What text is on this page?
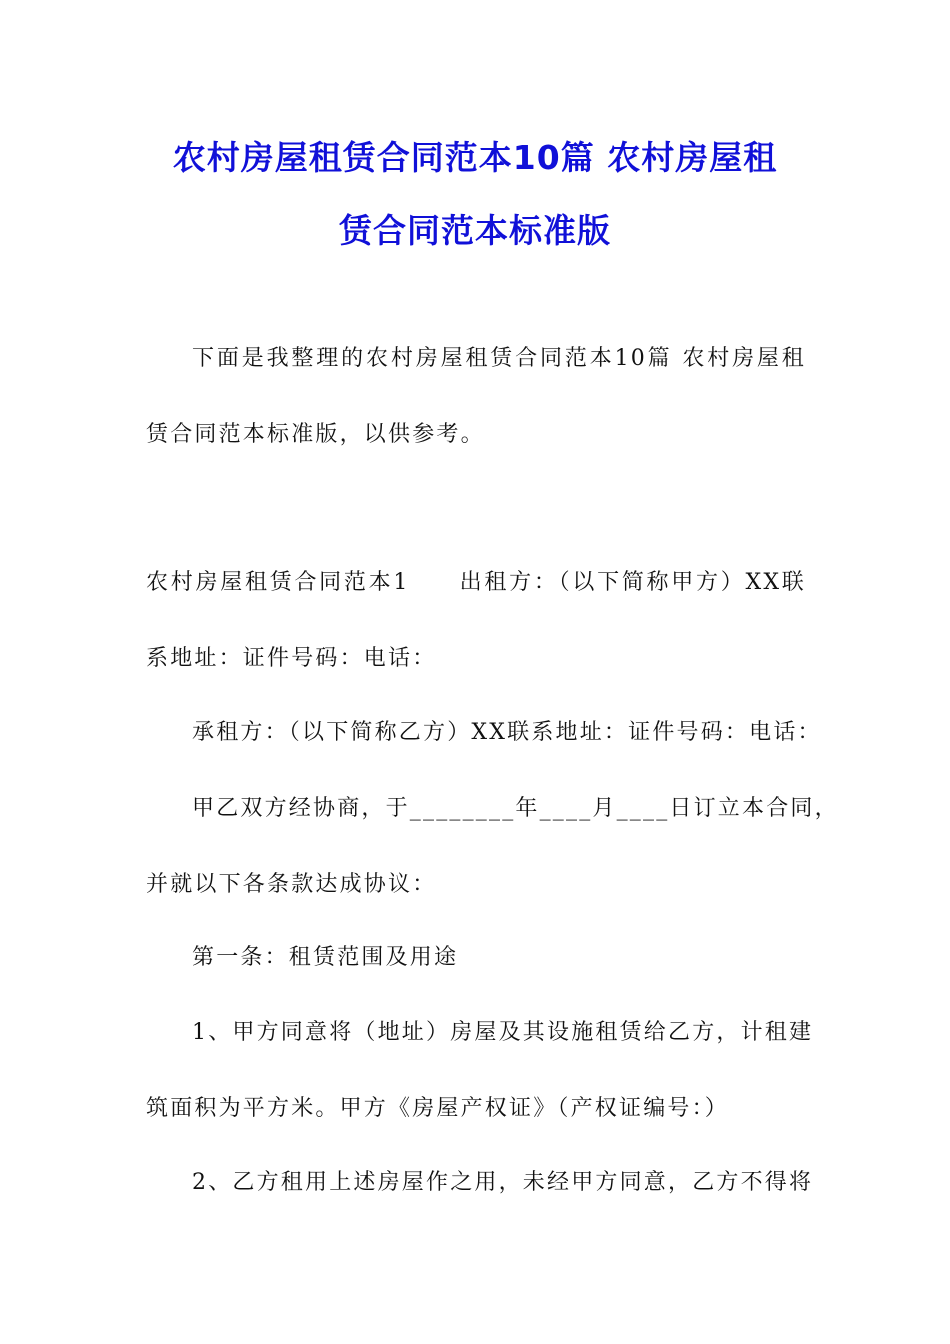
农村房屋租赁合同范本10篇 农村房屋租
赁合同范本标准版
下面是我整理的农村房屋租赁合同范本10篇 农村房屋租
赁合同范本标准版，以供参考。
农村房屋租赁合同范本1　　出租方：（以下简称甲方）XX联
系地址：证件号码：电话：
承租方：（以下简称乙方）XX联系地址：证件号码：电话：
甲乙双方经协商，于________年____月____日订立本合同，
并就以下各条款达成协议：
第一条：租赁范围及用途
1、甲方同意将（地址）房屋及其设施租赁给乙方，计租建
筑面积为平方米。甲方《房屋产权证》（产权证编号：）
2、乙方租用上述房屋作之用，未经甲方同意，乙方不得将
